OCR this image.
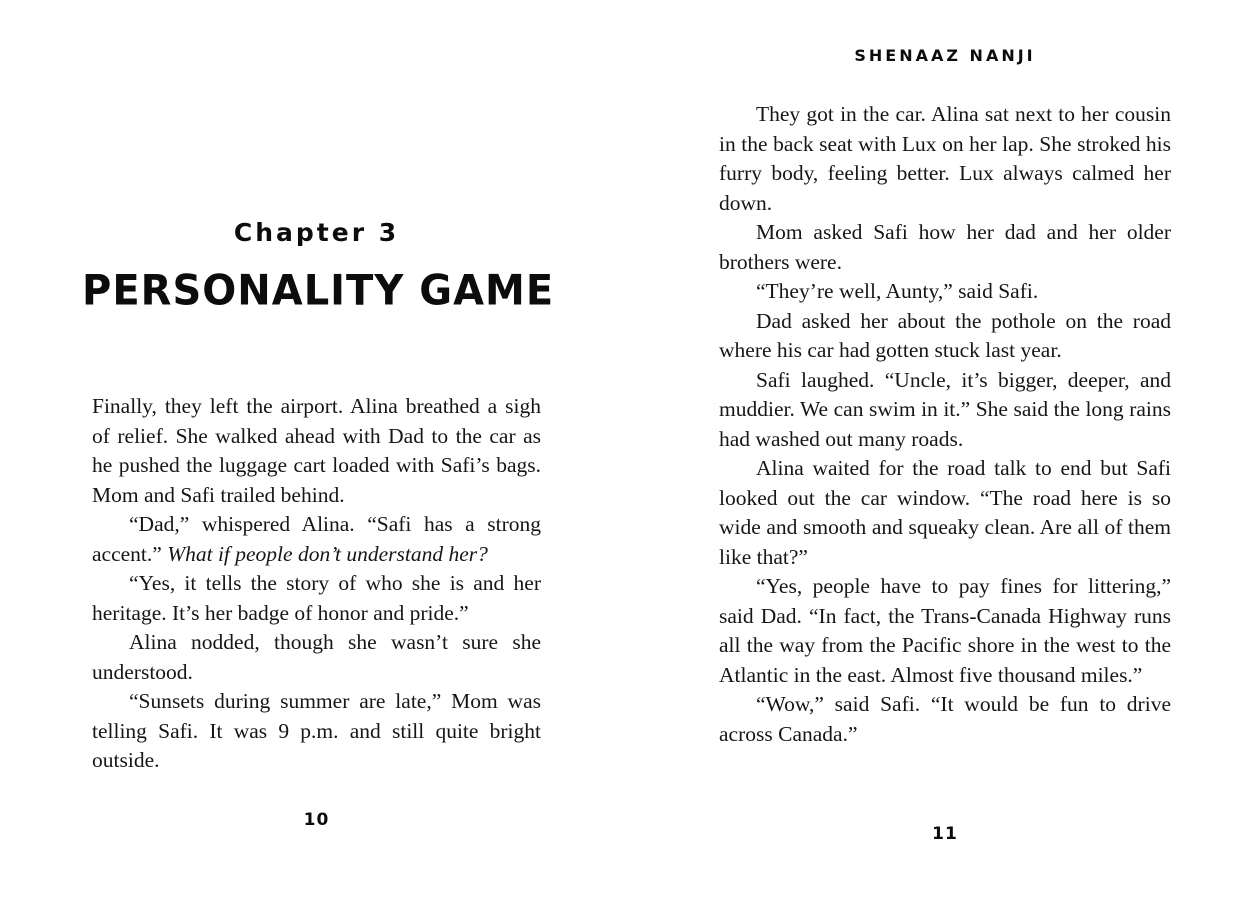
Chapter 3
PERSONALITY GAME

Finally, they left the airport. Alina breathed a sigh of relief. She walked ahead with Dad to the car as he pushed the luggage cart loaded with Safi’s bags. Mom and Safi trailed behind.

“Dad,” whispered Alina. “Safi has a strong accent.” What if people don’t understand her?

“Yes, it tells the story of who she is and her heritage. It’s her badge of honor and pride.”

Alina nodded, though she wasn’t sure she understood.

“Sunsets during summer are late,” Mom was telling Safi. It was 9 p.m. and still quite bright outside.

10
SHENAAZ NANJI

They got in the car. Alina sat next to her cousin in the back seat with Lux on her lap. She stroked his furry body, feeling better. Lux always calmed her down.

Mom asked Safi how her dad and her older brothers were.

“They’re well, Aunty,” said Safi.

Dad asked her about the pothole on the road where his car had gotten stuck last year.

Safi laughed. “Uncle, it’s bigger, deeper, and muddier. We can swim in it.” She said the long rains had washed out many roads.

Alina waited for the road talk to end but Safi looked out the car window. “The road here is so wide and smooth and squeaky clean. Are all of them like that?”

“Yes, people have to pay fines for littering,” said Dad. “In fact, the Trans-Canada Highway runs all the way from the Pacific shore in the west to the Atlantic in the east. Almost five thousand miles.”

“Wow,” said Safi. “It would be fun to drive across Canada.”

11
